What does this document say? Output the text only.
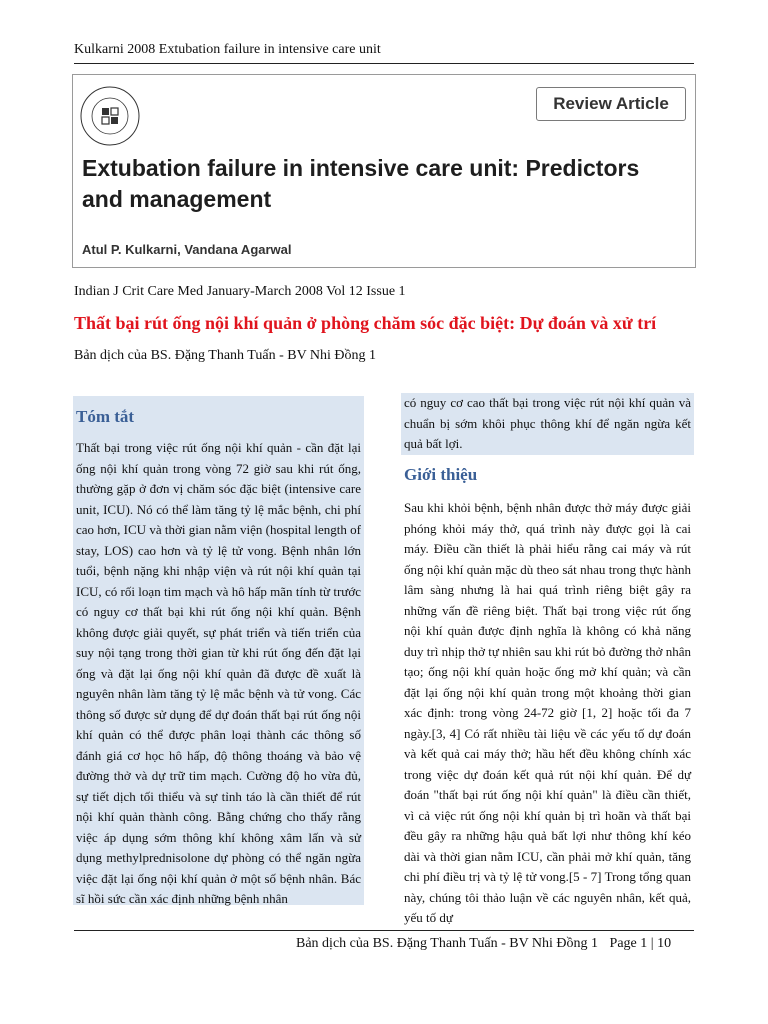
Kulkarni 2008 Extubation failure in intensive care unit
Review Article
Extubation failure in intensive care unit: Predictors and management
Atul P. Kulkarni, Vandana Agarwal
Indian J Crit Care Med January-March 2008 Vol 12 Issue 1
Thất bại rút ống nội khí quản ở phòng chăm sóc đặc biệt: Dự đoán và xử trí
Bản dịch của BS. Đặng Thanh Tuấn - BV Nhi Đồng 1
Tóm tắt

Thất bại trong việc rút ống nội khí quản - cần đặt lại ống nội khí quản trong vòng 72 giờ sau khi rút ống, thường gặp ở đơn vị chăm sóc đặc biệt (intensive care unit, ICU). Nó có thể làm tăng tỷ lệ mắc bệnh, chi phí cao hơn, ICU và thời gian nằm viện (hospital length of stay, LOS) cao hơn và tỷ lệ tử vong. Bệnh nhân lớn tuổi, bệnh nặng khi nhập viện và rút nội khí quản tại ICU, có rối loạn tim mạch và hô hấp mãn tính từ trước có nguy cơ thất bại khi rút ống nội khí quản. Bệnh không được giải quyết, sự phát triển và tiến triển của suy nội tạng trong thời gian từ khi rút ống đến đặt lại ống và đặt lại ống nội khí quản đã được đề xuất là nguyên nhân làm tăng tỷ lệ mắc bệnh và tử vong. Các thông số được sử dụng để dự đoán thất bại rút ống nội khí quản có thể được phân loại thành các thông số đánh giá cơ học hô hấp, độ thông thoáng và bảo vệ đường thở và dự trữ tim mạch. Cường độ ho vừa đủ, sự tiết dịch tối thiểu và sự tỉnh táo là cần thiết để rút nội khí quản thành công. Bằng chứng cho thấy rằng việc áp dụng sớm thông khí không xâm lấn và sử dụng methylprednisolone dự phòng có thể ngăn ngừa việc đặt lại ống nội khí quản ở một số bệnh nhân. Bác sĩ hồi sức cần xác định những bệnh nhân

có nguy cơ cao thất bại trong việc rút nội khí quản và chuẩn bị sớm khôi phục thông khí để ngăn ngừa kết quả bất lợi.
Giới thiệu

Sau khi khỏi bệnh, bệnh nhân được thở máy được giải phóng khỏi máy thở, quá trình này được gọi là cai máy. Điều cần thiết là phải hiểu rằng cai máy và rút ống nội khí quản mặc dù theo sát nhau trong thực hành lâm sàng nhưng là hai quá trình riêng biệt gây ra những vấn đề riêng biệt. Thất bại trong việc rút ống nội khí quản được định nghĩa là không có khả năng duy trì nhịp thở tự nhiên sau khi rút bỏ đường thở nhân tạo; ống nội khí quản hoặc ống mở khí quản; và cần đặt lại ống nội khí quản trong một khoảng thời gian xác định: trong vòng 24-72 giờ [1, 2] hoặc tối đa 7 ngày.[3, 4] Có rất nhiều tài liệu về các yếu tố dự đoán và kết quả cai máy thở; hầu hết đều không chính xác trong việc dự đoán kết quả rút nội khí quản. Để dự đoán "thất bại rút ống nội khí quản" là điều cần thiết, vì cả việc rút ống nội khí quản bị trì hoãn và thất bại đều gây ra những hậu quả bất lợi như thông khí kéo dài và thời gian nằm ICU, cần phải mở khí quản, tăng chi phí điều trị và tỷ lệ tử vong.[5 - 7] Trong tổng quan này, chúng tôi thảo luận về các nguyên nhân, kết quả, yếu tố dự

Bản dịch của BS. Đặng Thanh Tuấn - BV Nhi Đồng 1 Page 1 | 10
